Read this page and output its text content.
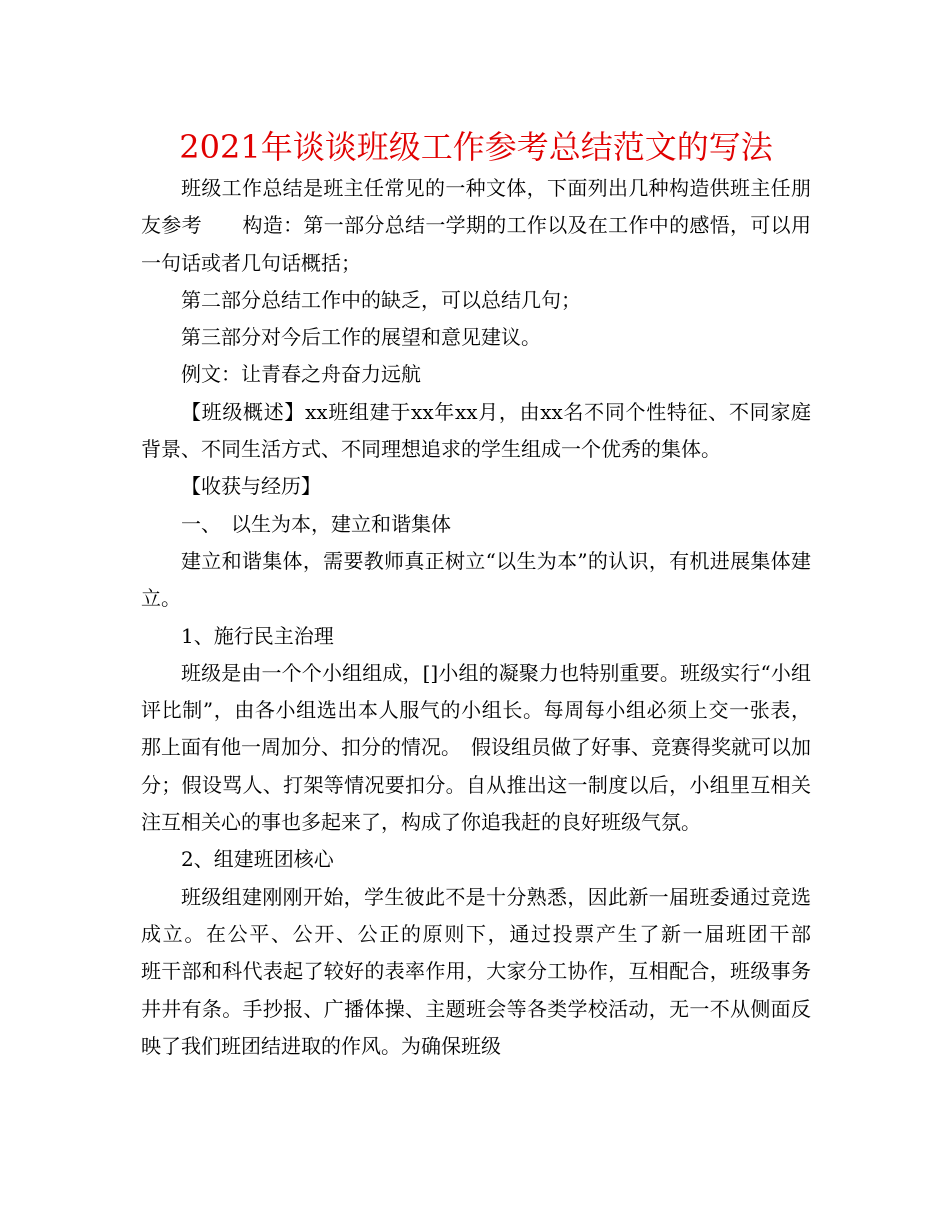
2021年谈谈班级工作参考总结范文的写法

班级工作总结是班主任常见的一种文体，下面列出几种构造供班主任朋友参考　　构造：第一部分总结一学期的工作以及在工作中的感悟，可以用一句话或者几句话概括；

第二部分总结工作中的缺乏，可以总结几句；

第三部分对今后工作的展望和意见建议。

例文：让青春之舟奋力远航

【班级概述】xx班组建于xx年xx月，由xx名不同个性特征、不同家庭背景、不同生活方式、不同理想追求的学生组成一个优秀的集体。

【收获与经历】

一、　以生为本，建立和谐集体

建立和谐集体，需要教师真正树立“以生为本”的认识，有机进展集体建立。

1、施行民主治理

班级是由一个个小组组成，[]小组的凝聚力也特别重要。班级实行“小组评比制”，由各小组选出本人服气的小组长。每周每小组必须上交一张表，那上面有他一周加分、扣分的情况。　假设组员做了好事、竞赛得奖就可以加分；假设骂人、打架等情况要扣分。自从推出这一制度以后，小组里互相关注互相关心的事也多起来了，构成了你追我赶的良好班级气氛。

2、组建班团核心

班级组建刚刚开始，学生彼此不是十分熟悉，因此新一届班委通过竞选成立。在公平、公开、公正的原则下，通过投票产生了新一届班团干部　　班干部和科代表起了较好的表率作用，大家分工协作，互相配合，班级事务井井有条。手抄报、广播体操、主题班会等各类学校活动，无一不从侧面反映了我们班团结进取的作风。为确保班级
